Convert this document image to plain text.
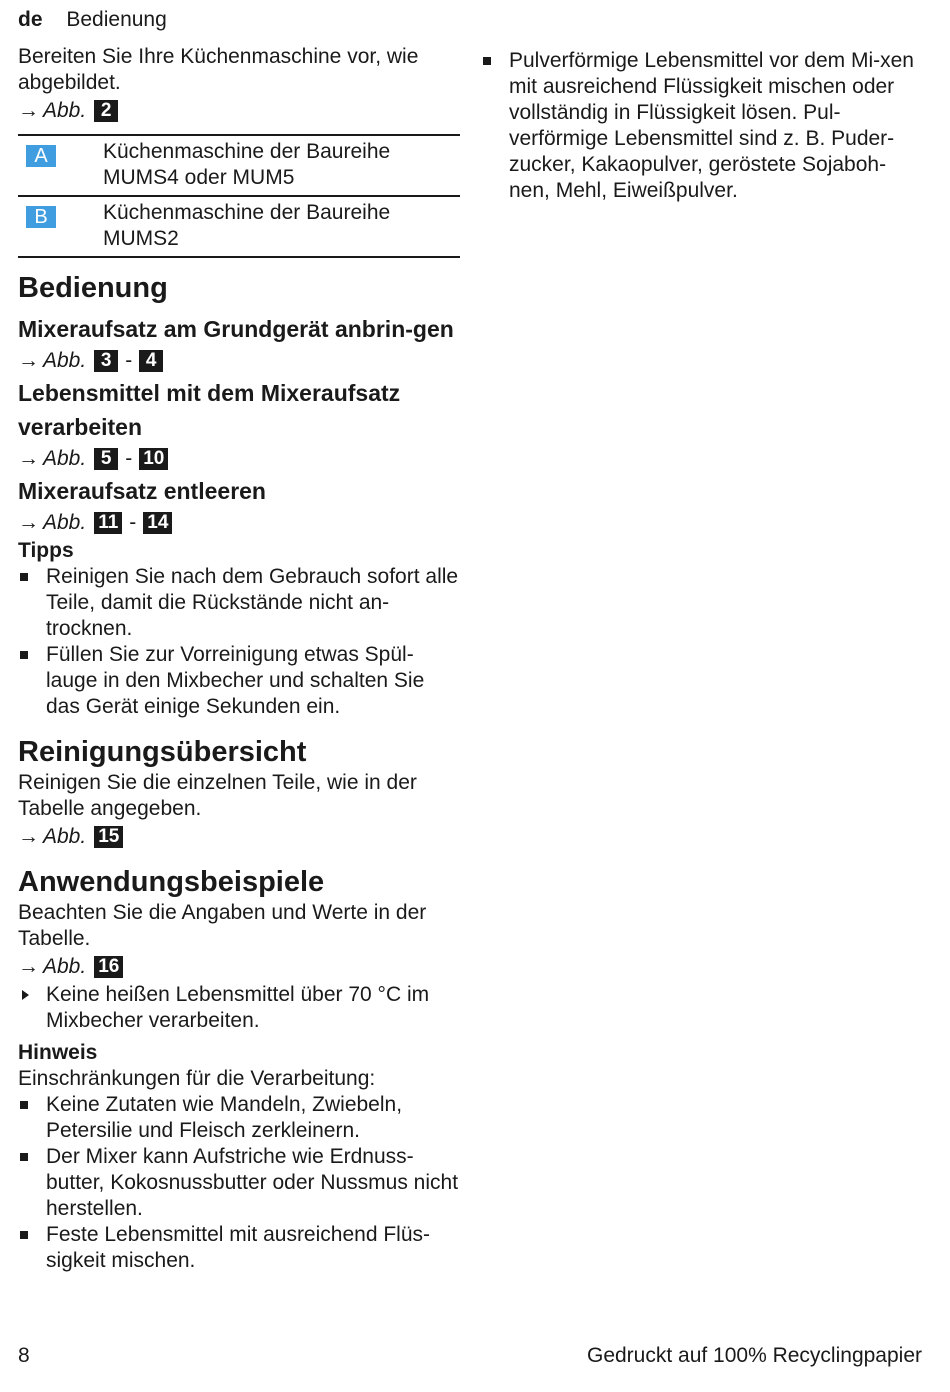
de Bedienung

Bereiten Sie Ihre Küchenmaschine vor, wie abgebildet.

→ Abb. 2
A	Küchenmaschine der Baureihe MUMS4 oder MUM5
B	Küchenmaschine der Baureihe MUMS2
Bedienung
Mixeraufsatz am Grundgerät anbrin-gen
→ Abb. 3 - 4
Lebensmittel mit dem Mixeraufsatz verarbeiten
→ Abb. 5 - 10
Mixeraufsatz entleeren
→ Abb. 11 - 14
Tipps
Reinigen Sie nach dem Gebrauch sofort alle Teile, damit die Rückstände nicht an-trocknen.
Füllen Sie zur Vorreinigung etwas Spül-lauge in den Mixbecher und schalten Sie das Gerät einige Sekunden ein.
Reinigungsübersicht

Reinigen Sie die einzelnen Teile, wie in der Tabelle angegeben.

→ Abb. 15
Anwendungsbeispiele

Beachten Sie die Angaben und Werte in der Tabelle.

→ Abb. 16
Keine heißen Lebensmittel über 70 °C im Mixbecher verarbeiten.
Hinweis

Einschränkungen für die Verarbeitung:

Keine Zutaten wie Mandeln, Zwiebeln, Petersilie und Fleisch zerkleinern.
Der Mixer kann Aufstriche wie Erdnuss-butter, Kokosnussbutter oder Nussmus nicht herstellen.
Feste Lebensmittel mit ausreichend Flüs-sigkeit mischen.
Pulverförmige Lebensmittel vor dem Mi-xen mit ausreichend Flüssigkeit mischen oder vollständig in Flüssigkeit lösen. Pul-verförmige Lebensmittel sind z. B. Puder-zucker, Kakaopulver, geröstete Sojaboh-nen, Mehl, Eiweißpulver.
8	Gedruckt auf 100% Recyclingpapier
